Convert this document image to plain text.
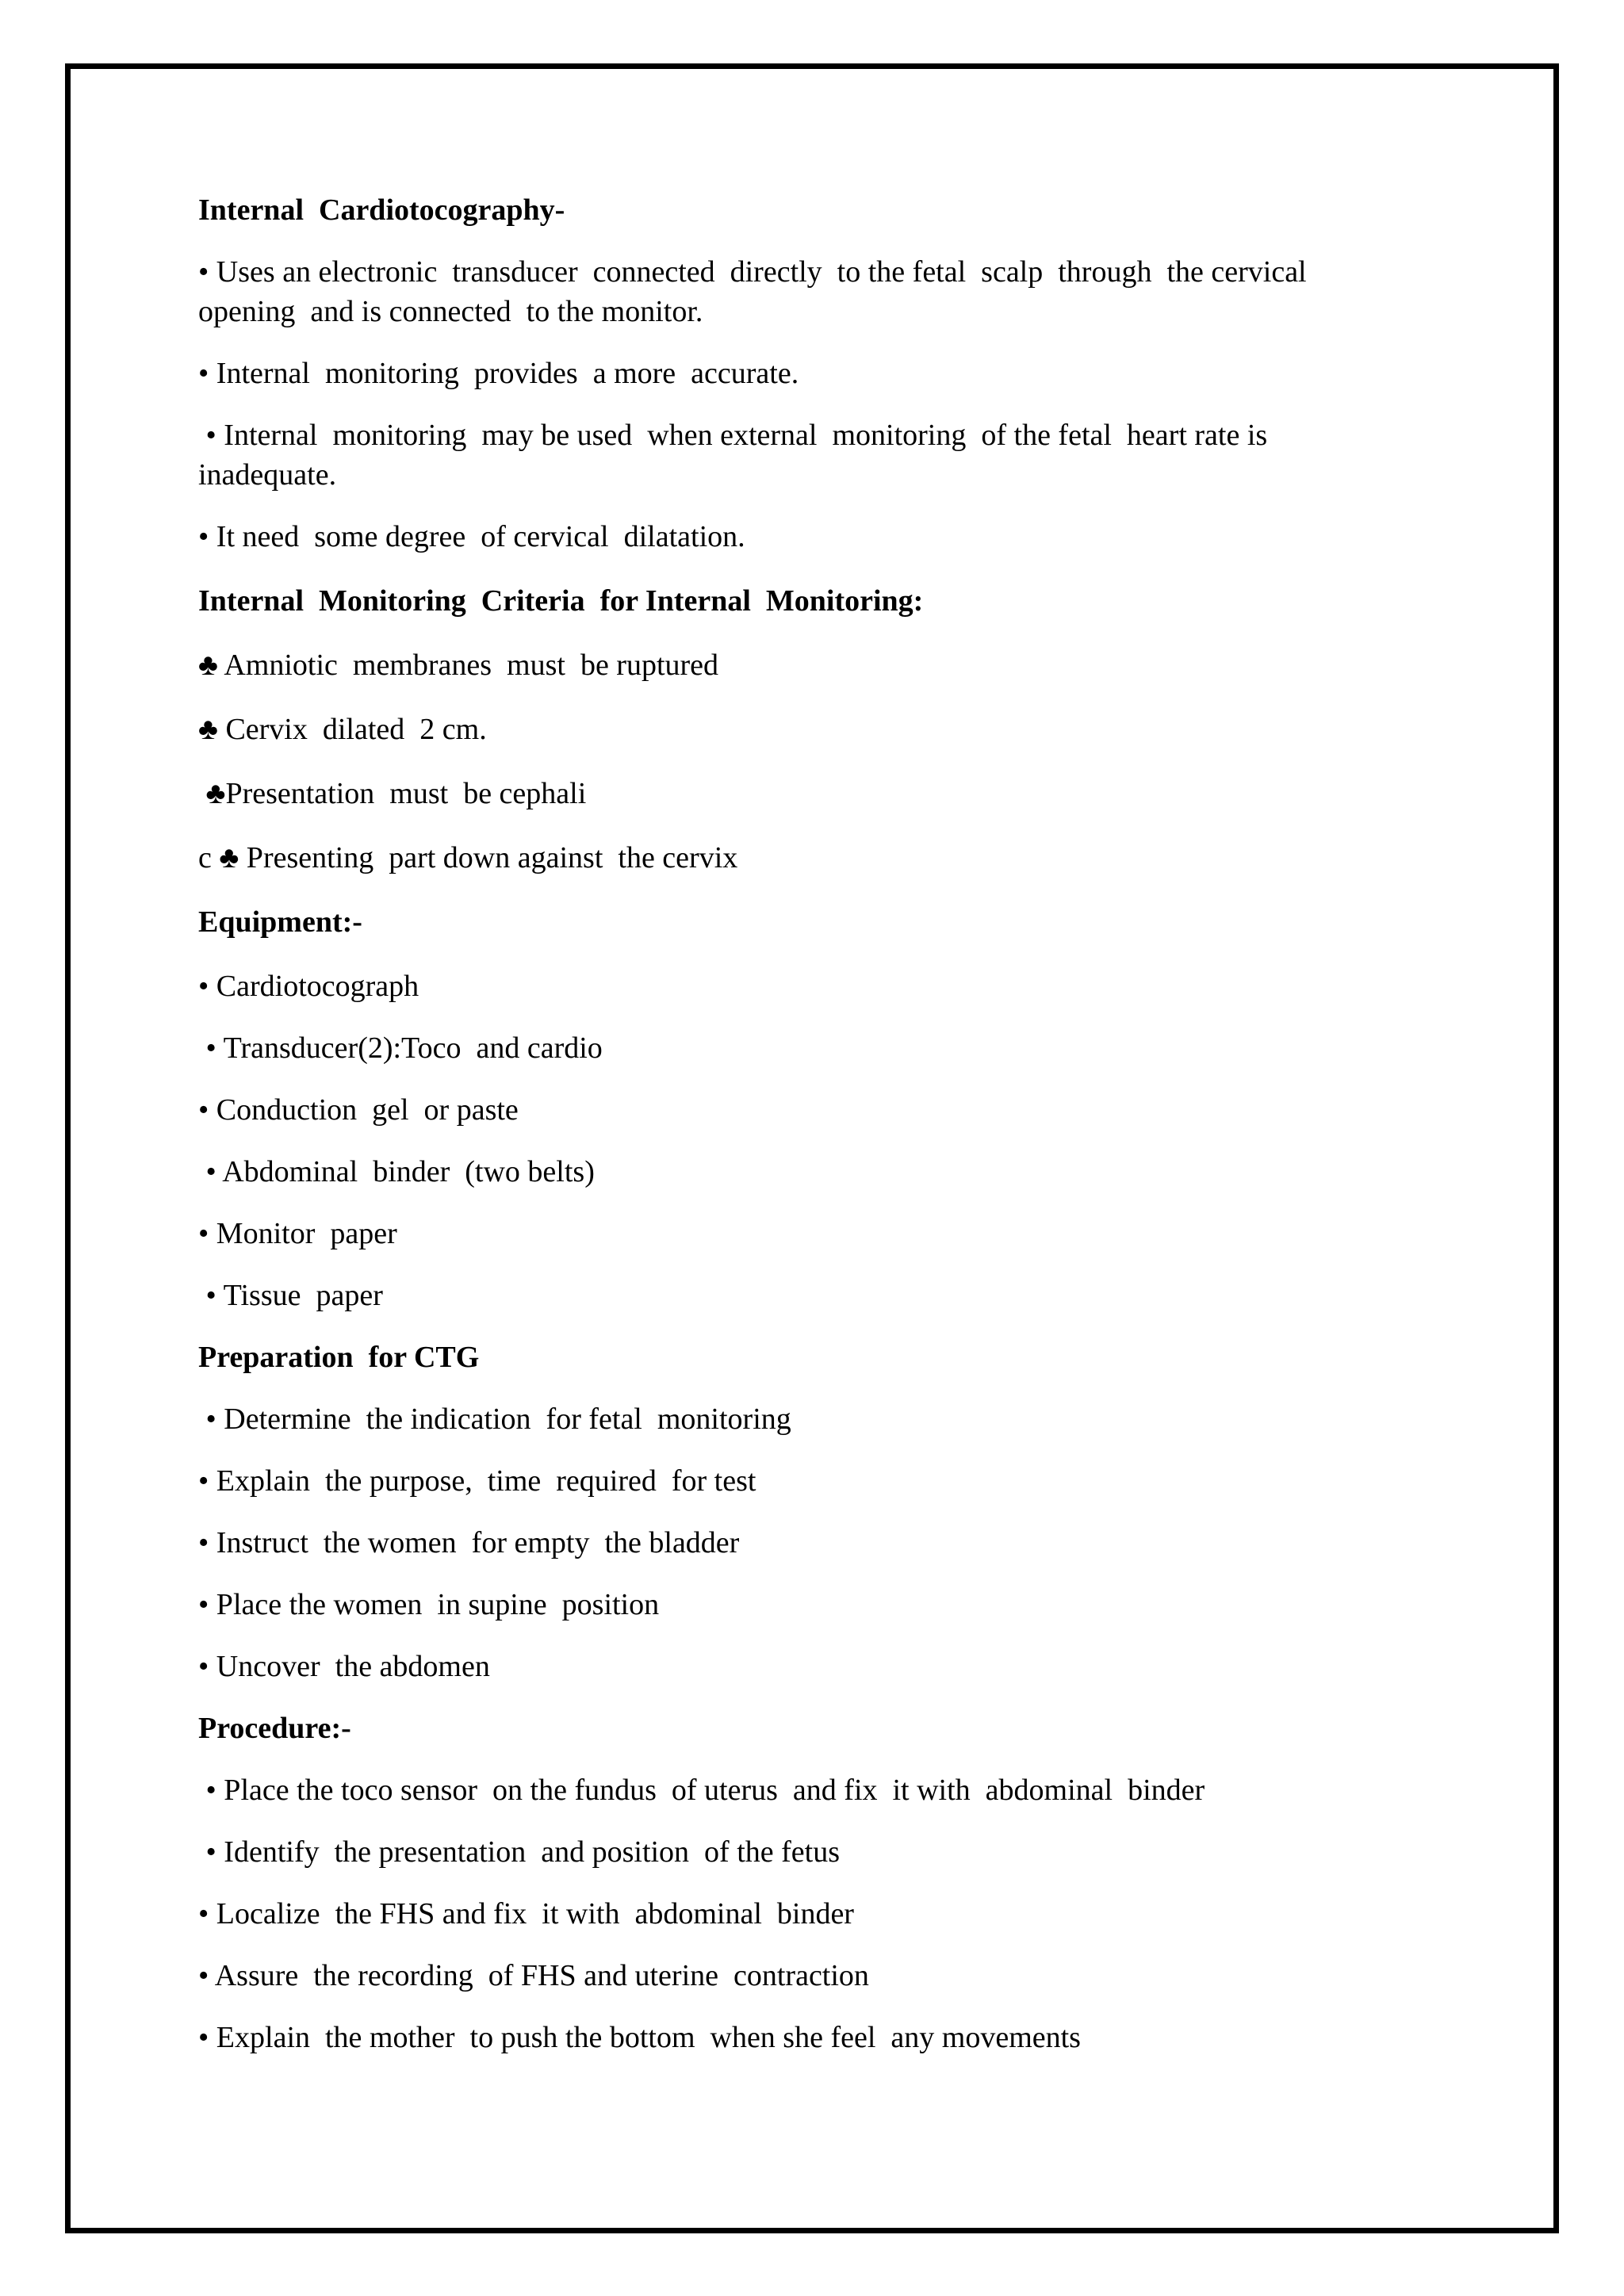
Internal  Cardiotocography-

• Uses an electronic  transducer  connected  directly  to the fetal  scalp  through  the cervical opening  and is connected  to the monitor.

• Internal  monitoring  provides  a more  accurate.

• Internal  monitoring  may be used  when external  monitoring  of the fetal  heart rate is inadequate.

• It need  some degree  of cervical  dilatation.

Internal  Monitoring  Criteria  for Internal  Monitoring:

♣ Amniotic  membranes  must  be ruptured

♣ Cervix  dilated  2 cm.

♣Presentation  must  be cephali

c ♣ Presenting  part down against  the cervix

Equipment:-

• Cardiotocograph

• Transducer(2):Toco  and cardio

• Conduction  gel  or paste

• Abdominal  binder  (two belts)

• Monitor  paper

• Tissue  paper

Preparation  for CTG

• Determine  the indication  for fetal  monitoring

• Explain  the purpose,  time  required  for test

• Instruct  the women  for empty  the bladder

• Place the women  in supine  position

• Uncover  the abdomen

Procedure:-

• Place the toco sensor  on the fundus  of uterus  and fix  it with  abdominal  binder

• Identify  the presentation  and position  of the fetus

• Localize  the FHS and fix  it with  abdominal  binder

• Assure  the recording  of FHS and uterine  contraction

• Explain  the mother  to push the bottom  when she feel  any movements
